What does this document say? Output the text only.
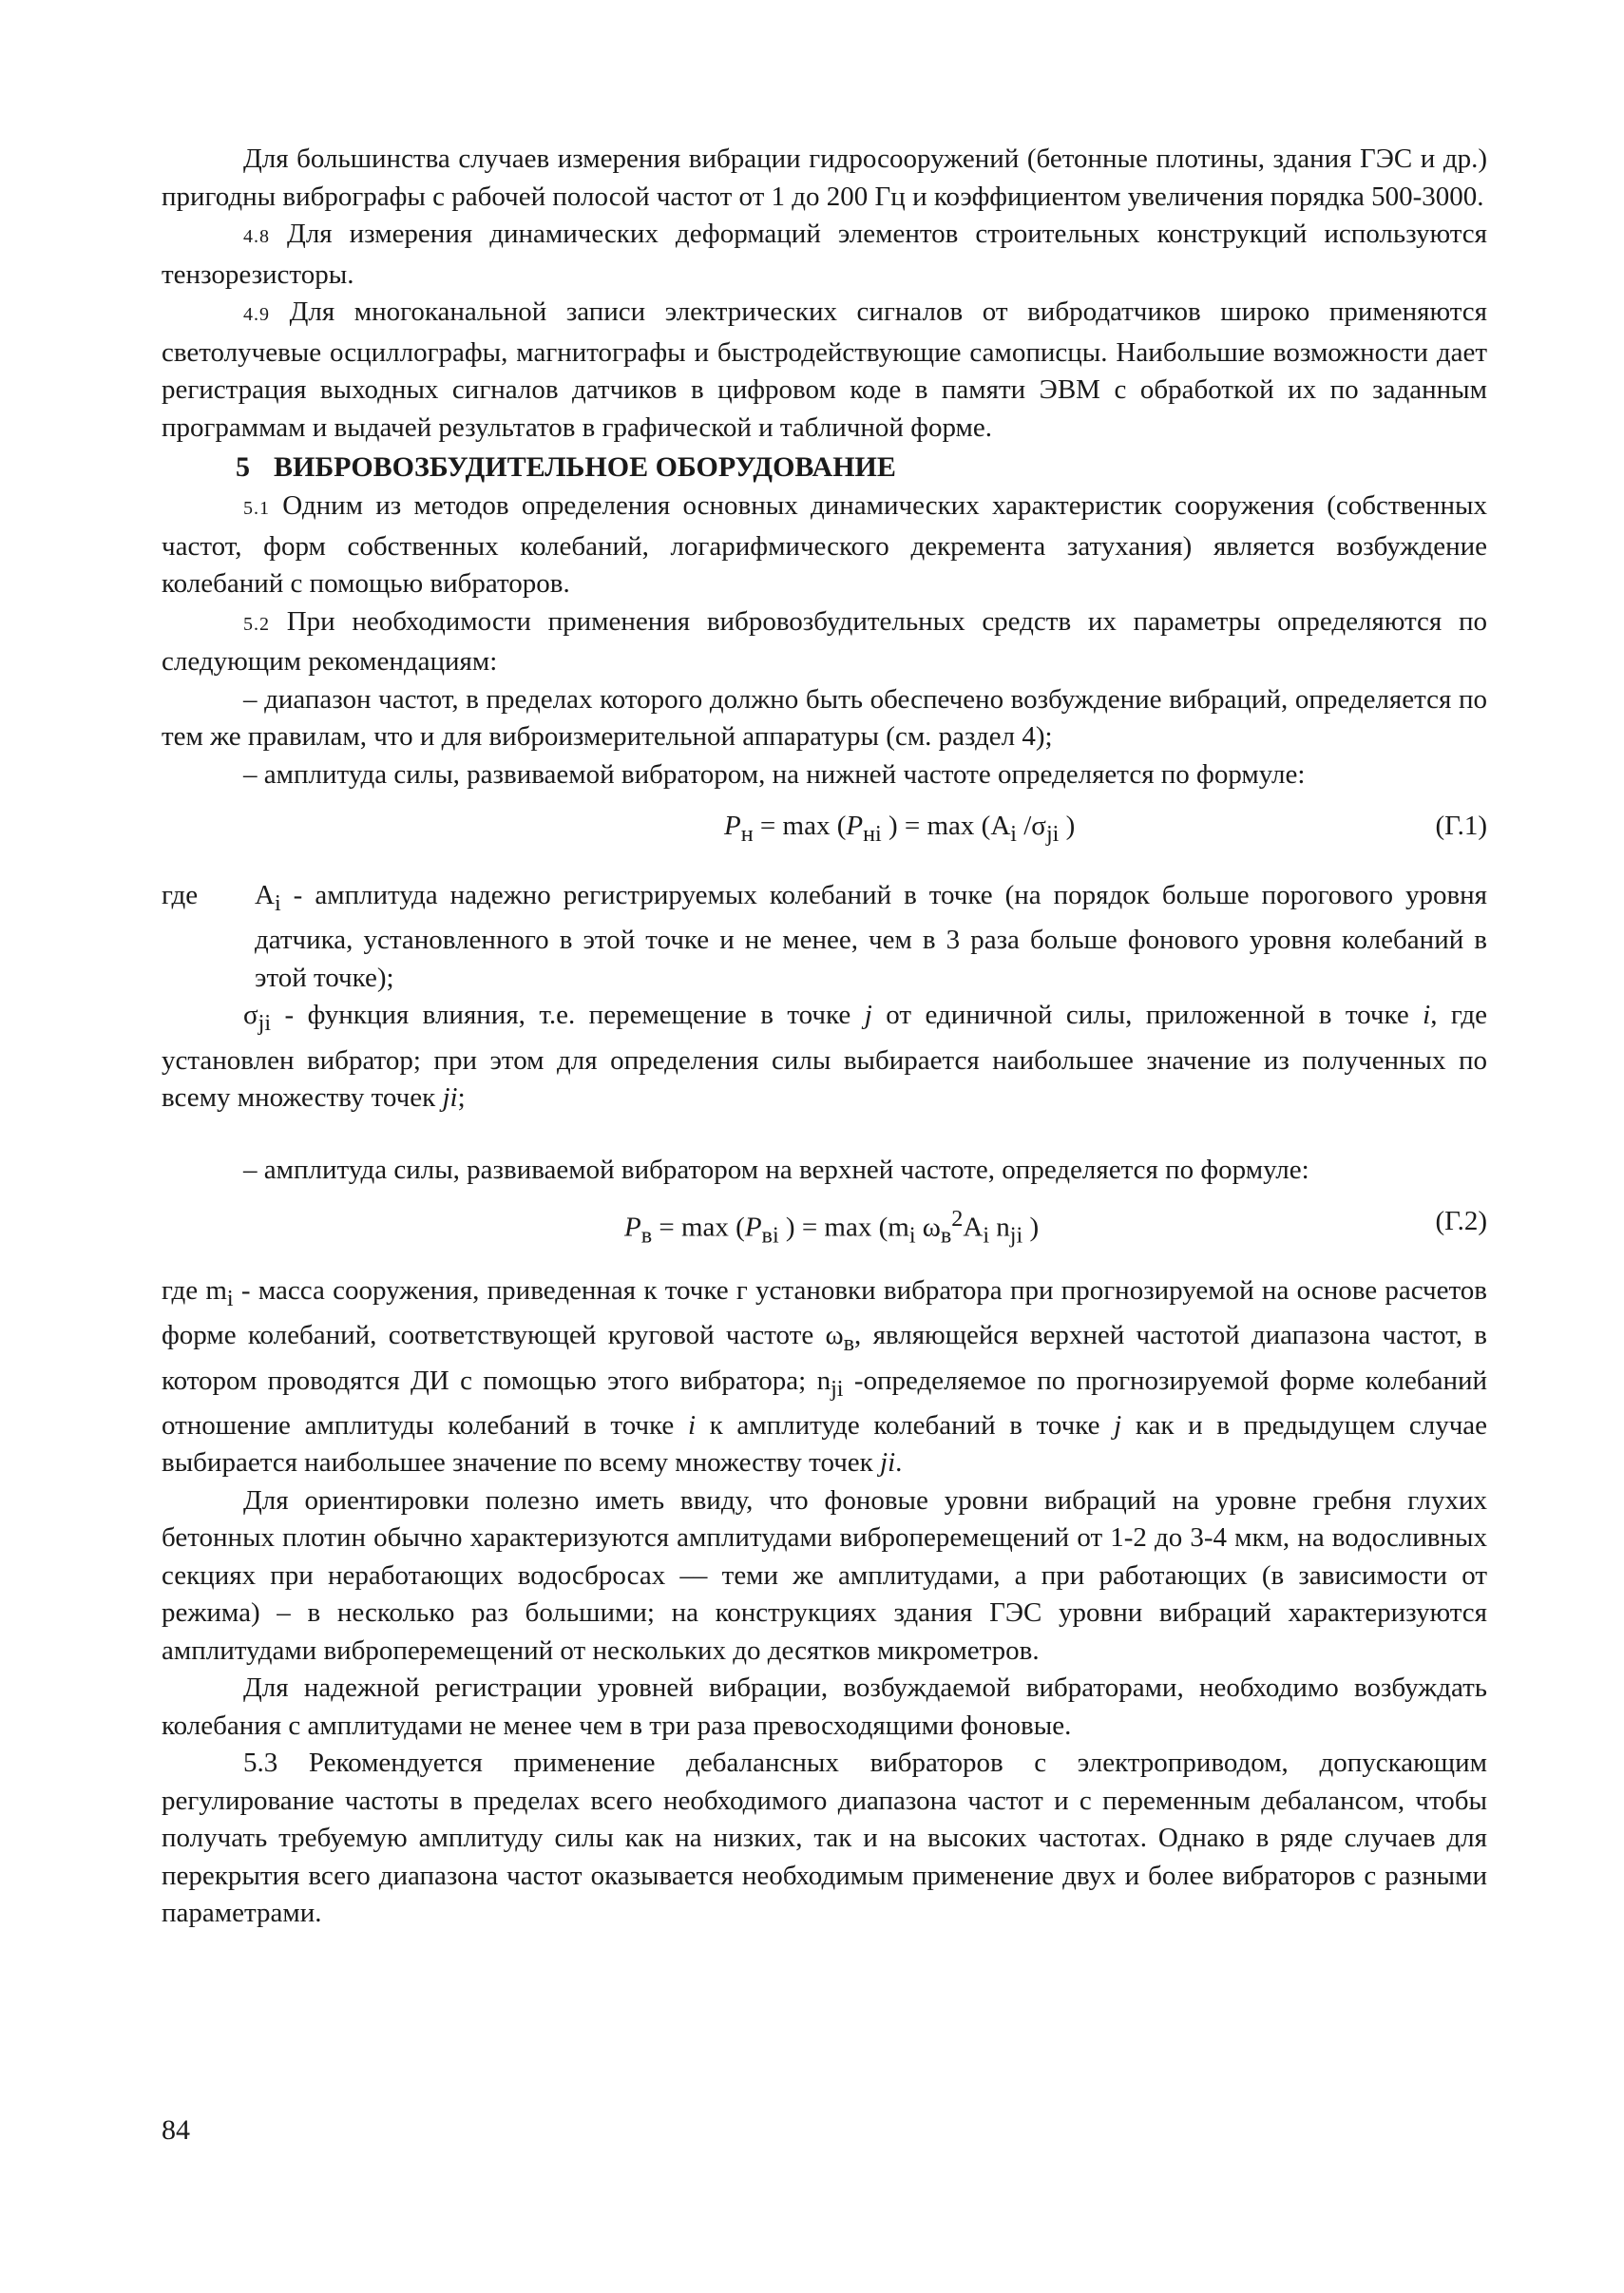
Для большинства случаев измерения вибрации гидросооружений (бетонные плотины, здания ГЭС и др.) пригодны вибрографы с рабочей полосой частот от 1 до 200 Гц и коэффициентом увеличения порядка 500-3000.

4.8 Для измерения динамических деформаций элементов строительных конструкций используются тензорезисторы.

4.9 Для многоканальной записи электрических сигналов от вибродатчиков широко применяются светолучевые осциллографы, магнитографы и быстродействующие самописцы. Наибольшие возможности дает регистрация выходных сигналов датчиков в цифровом коде в памяти ЭВМ с обработкой их по заданным программам и выдачей результатов в графической и табличной форме.

5 ВИБРОВОЗБУДИТЕЛЬНОЕ ОБОРУДОВАНИЕ

5.1 Одним из методов определения основных динамических характеристик сооружения (собственных частот, форм собственных колебаний, логарифмического декремента затухания) является возбуждение колебаний с помощью вибраторов.

5.2 При необходимости применения вибровозбудительных средств их параметры определяются по следующим рекомендациям:

– диапазон частот, в пределах которого должно быть обеспечено возбуждение вибраций, определяется по тем же правилам, что и для виброизмерительной аппаратуры (см. раздел 4);

– амплитуда силы, развиваемой вибратором, на нижней частоте определяется по формуле:

$P_н = \max (P_{нi}$ ) = $\max (A_i$ $/\sigma_{ji}$ )	(Г.1)

где $A_i$ - амплитуда надежно регистрируемых колебаний в точке (на порядок больше порогового уровня датчика, установленного в этой точке и не менее, чем в 3 раза больше фонового уровня колебаний в этой точке);

$\sigma_{ji}$ - функция влияния, т.е. перемещение в точке j от единичной силы, приложенной в точке i, где установлен вибратор; при этом для определения силы выбирается наибольшее значение из полученных по всему множеству точек ji;

– амплитуда силы, развиваемой вибратором на верхней частоте, определяется по формуле:

$P_в = \max (P_{вi}$ ) = $\max (m_i$ $\omega_в^2A_i$ $n_{ji}$ )	(Г.2)

где $m_i$ - масса сооружения, приведенная к точке г установки вибратора при прогнозируемой на основе расчетов форме колебаний, соответствующей круговой частоте $\omega_в$, являющейся верхней частотой диапазона частот, в котором проводятся ДИ с помощью этого вибратора; $n_{ji}$ -определяемое по прогнозируемой форме колебаний отношение амплитуды колебаний в точке i к амплитуде колебаний в точке j как и в предыдущем случае выбирается наибольшее значение по всему множеству точек ji.

Для ориентировки полезно иметь ввиду, что фоновые уровни вибраций на уровне гребня глухих бетонных плотин обычно характеризуются амплитудами виброперемещений от 1-2 до 3-4 мкм, на водосливных секциях при неработающих водосбросах –– теми же амплитудами, а при работающих (в зависимости от режима) – в несколько раз большими; на конструкциях здания ГЭС уровни вибраций характеризуются амплитудами виброперемещений от нескольких до десятков микрометров.

Для надежной регистрации уровней вибрации, возбуждаемой вибраторами, необходимо возбуждать колебания с амплитудами не менее чем в три раза превосходящими фоновые.

5.3 Рекомендуется применение дебалансных вибраторов с электроприводом, допускающим регулирование частоты в пределах всего необходимого диапазона частот и с переменным дебалансом, чтобы получать требуемую амплитуду силы как на низких, так и на высоких частотах. Однако в ряде случаев для перекрытия всего диапазона частот оказывается необходимым применение двух и более вибраторов с разными параметрами.

84
